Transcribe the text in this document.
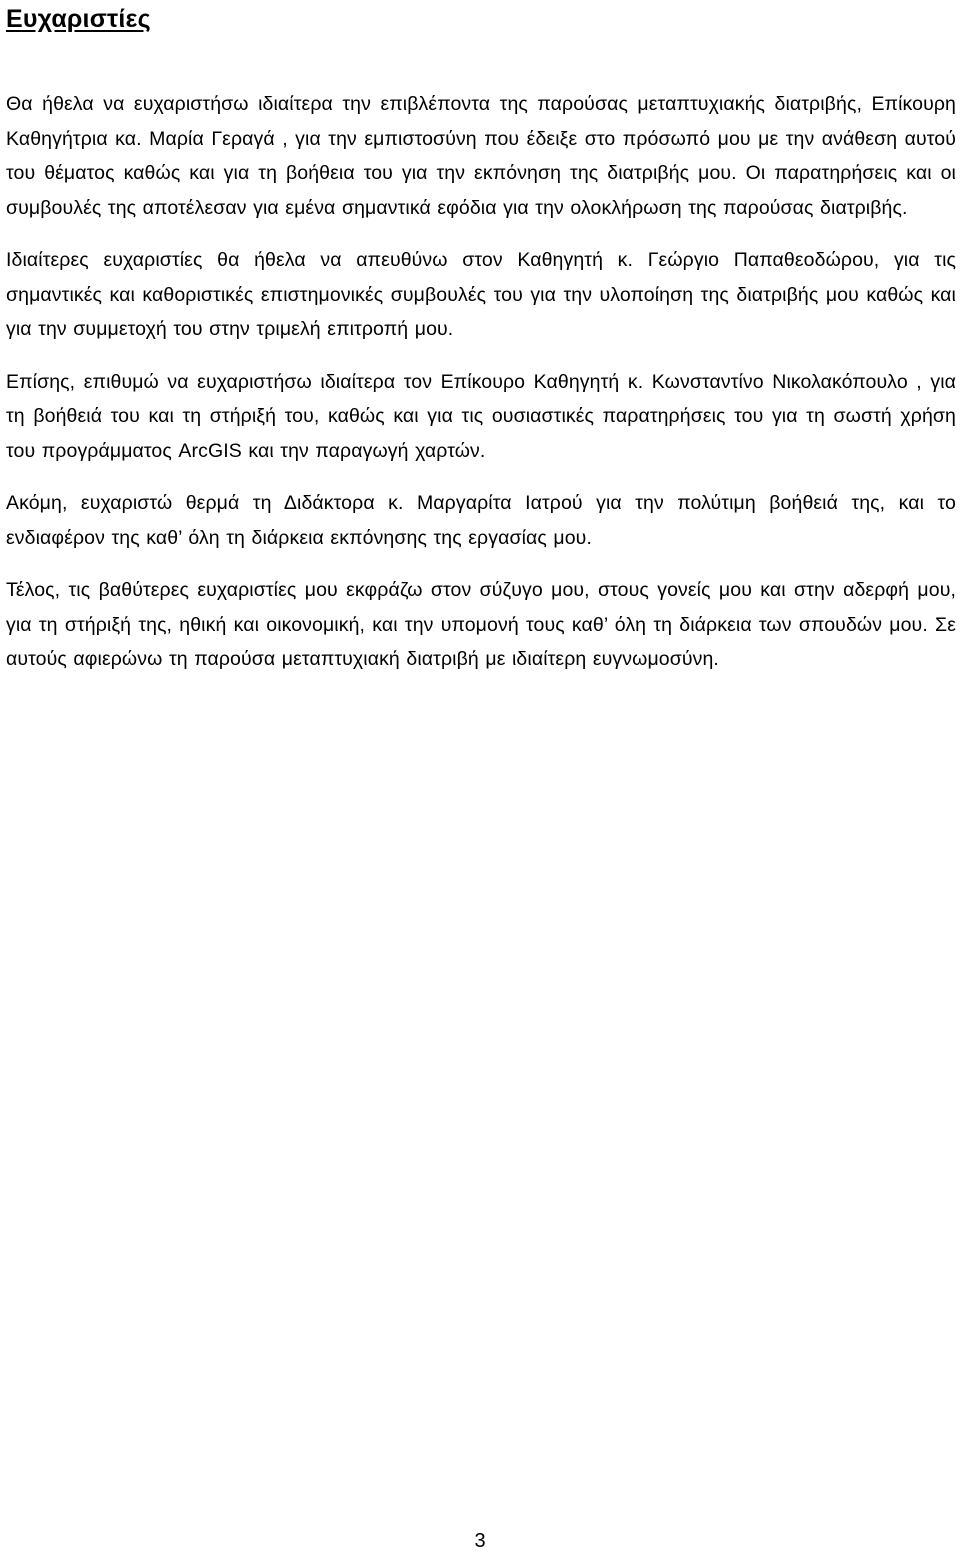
Ευχαριστίες

Θα ήθελα να ευχαριστήσω ιδιαίτερα την επιβλέποντα της παρούσας μεταπτυχιακής διατριβής, Επίκουρη Καθηγήτρια κα. Μαρία Γεραγά , για την εμπιστοσύνη που έδειξε στο πρόσωπό μου με την ανάθεση αυτού του θέματος καθώς και για τη βοήθεια του για την εκπόνηση της διατριβής μου. Οι παρατηρήσεις και οι συμβουλές της αποτέλεσαν για εμένα σημαντικά εφόδια για την ολοκλήρωση της παρούσας διατριβής.

Ιδιαίτερες ευχαριστίες θα ήθελα να απευθύνω στον Καθηγητή κ. Γεώργιο Παπαθεοδώρου, για τις σημαντικές και καθοριστικές επιστημονικές συμβουλές του για την υλοποίηση της διατριβής μου καθώς και για την συμμετοχή του στην τριμελή επιτροπή μου.

Επίσης, επιθυμώ να ευχαριστήσω ιδιαίτερα τον Επίκουρο Καθηγητή κ. Κωνσταντίνο Νικολακόπουλο , για τη βοήθειά του και τη στήριξή του, καθώς και για τις ουσιαστικές παρατηρήσεις του για τη σωστή χρήση του προγράμματος ArcGIS και την παραγωγή χαρτών.

Ακόμη, ευχαριστώ θερμά τη Διδάκτορα κ. Μαργαρίτα Ιατρού για την πολύτιμη βοήθειά της, και το ενδιαφέρον της καθ’ όλη τη διάρκεια εκπόνησης της εργασίας μου.

Τέλος, τις βαθύτερες ευχαριστίες μου εκφράζω στον σύζυγο μου, στους γονείς μου και στην αδερφή μου, για τη στήριξή της, ηθική και οικονομική, και την υπομονή τους καθ’ όλη τη διάρκεια των σπουδών μου. Σε αυτούς αφιερώνω τη παρούσα μεταπτυχιακή διατριβή με ιδιαίτερη ευγνωμοσύνη.

3
